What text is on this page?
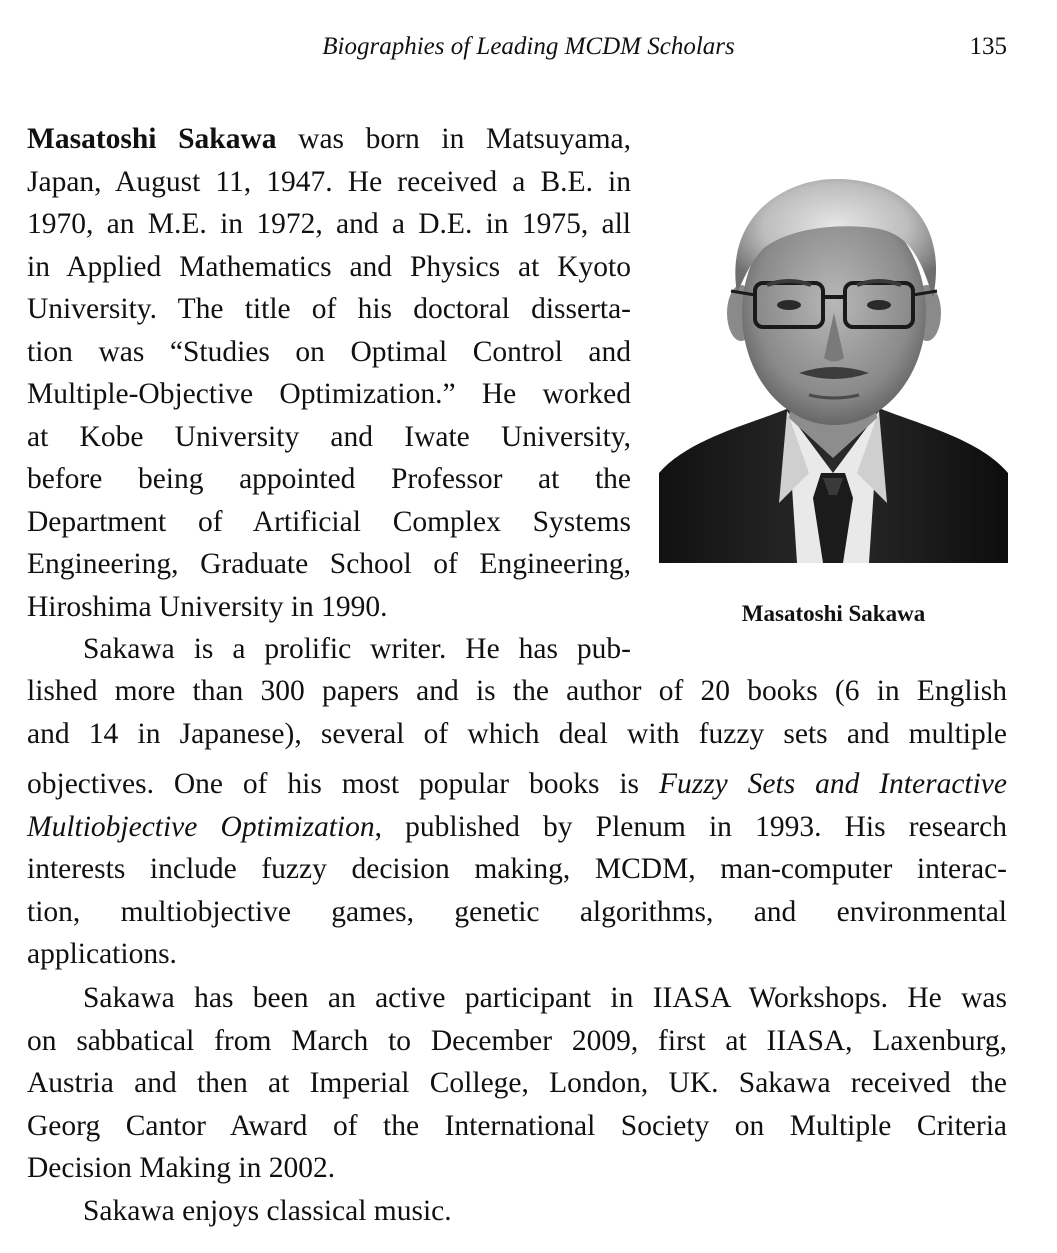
Biographies of Leading MCDM Scholars	135
Masatoshi Sakawa was born in Matsuyama,
Japan, August 11, 1947. He received a B.E. in
1970, an M.E. in 1972, and a D.E. in 1975, all
in Applied Mathematics and Physics at Kyoto
University. The title of his doctoral disserta-
tion was “Studies on Optimal Control and
Multiple-Objective Optimization.” He worked
at Kobe University and Iwate University,
before being appointed Professor at the
Department of Artificial Complex Systems
Engineering, Graduate School of Engineering,
Hiroshima University in 1990.
Sakawa is a prolific writer. He has pub-
lished more than 300 papers and is the author of 20 books (6 in English
and 14 in Japanese), several of which deal with fuzzy sets and multiple
objectives. One of his most popular books is Fuzzy Sets and Interactive
Multiobjective Optimization, published by Plenum in 1993. His research
interests include fuzzy decision making, MCDM, man-computer interac-
tion, multiobjective games, genetic algorithms, and environmental
applications.
Sakawa has been an active participant in IIASA Workshops. He was
on sabbatical from March to December 2009, first at IIASA, Laxenburg,
Austria and then at Imperial College, London, UK. Sakawa received the
Georg Cantor Award of the International Society on Multiple Criteria
Decision Making in 2002.
Sakawa enjoys classical music.
Masatoshi Sakawa
